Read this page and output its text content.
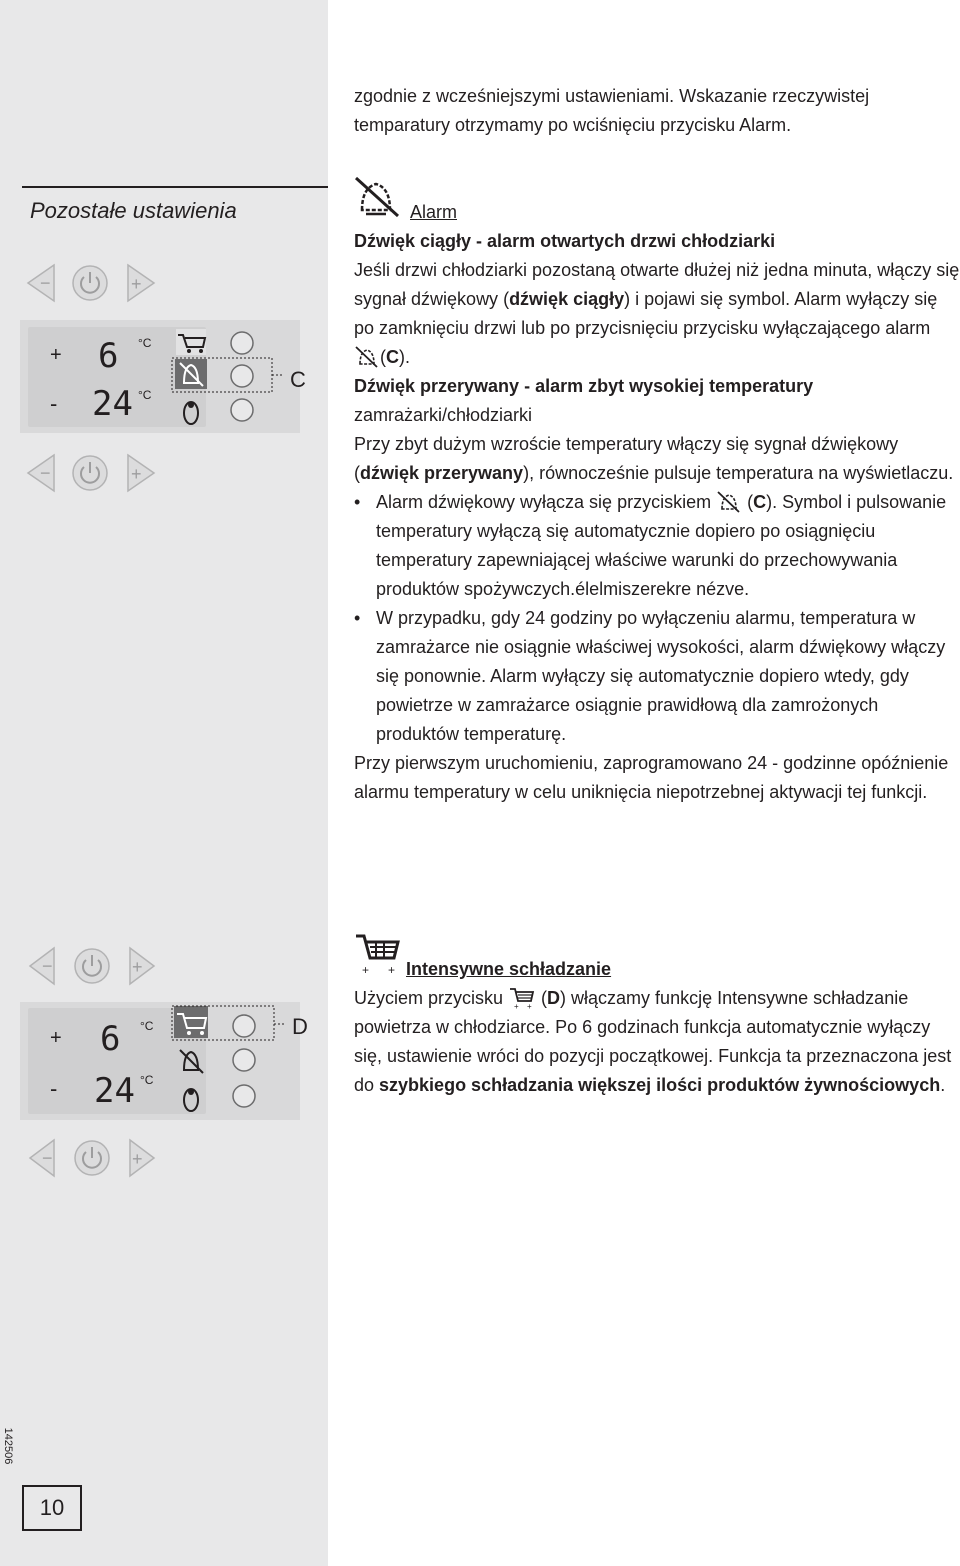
Pozostałe ustawienia
−	+
+ 6 °C
- 24 °C
−	+
C
−	+
+ 6 °C
- 24 °C
−	+
D
142506
10

zgodnie z wcześniejszymi ustawieniami. Wskazanie rzeczywistej temparatury otrzymamy po wciśnięciu przycisku Alarm.

Alarm

Dźwięk ciągły - alarm otwartych drzwi chłodziarki

Jeśli drzwi chłodziarki pozostaną otwarte dłużej niż jedna minuta, włączy się sygnał dźwiękowy (dźwięk ciągły) i pojawi się symbol. Alarm wyłączy się po zamknięciu drzwi lub po przycisnięciu przycisku wyłączającego alarm (C).

Dźwięk przerywany - alarm zbyt wysokiej temperatury

zamrażarki/chłodziarki

Przy zbyt dużym wzroście temperatury włączy się sygnał dźwiękowy (dźwięk przerywany), równocześnie pulsuje temperatura na wyświetlaczu.

• Alarm dźwiękowy wyłącza się przyciskiem  (C). Symbol i pulsowanie temperatury wyłączą się automatycznie dopiero po osiągnięciu temperatury zapewniającej właściwe warunki do przechowywania produktów spożywczych.élelmiszerekre nézve.

• W przypadku, gdy 24 godziny po wyłączeniu alarmu, temperatura w zamrażarce nie osiągnie właściwej wysokości, alarm dźwiękowy włączy się ponownie. Alarm wyłączy się automatycznie dopiero wtedy, gdy powietrze w zamrażarce osiągnie prawidłową dla zamrożonych produktów temperaturę.

Przy pierwszym uruchomieniu, zaprogramowano 24 - godzinne opóźnienie alarmu temperatury w celu uniknięcia niepotrzebnej aktywacji tej funkcji.

+ + Intensywne schładzanie

Użyciem przycisku + + (D) włączamy funkcję Intensywne schładzanie powietrza w chłodziarce. Po 6 godzinach funkcja automatycznie wyłączy się, ustawienie wróci do pozycji początkowej. Funkcja ta przeznaczona jest do szybkiego schładzania większej ilości produktów żywnościowych.
